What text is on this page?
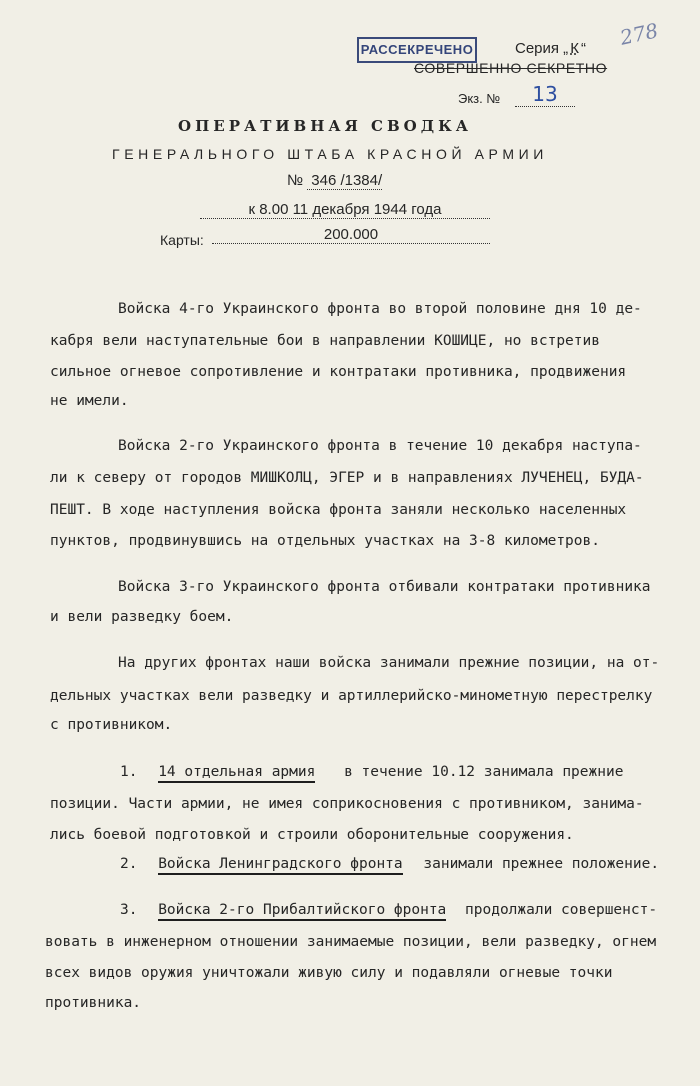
РАССЕКРЕЧЕНО	Серия „ К “ 278
СОВЕРШЕННО СЕКРЕТНО
Экз. №	13
ОПЕРАТИВНАЯ СВОДКА
ГЕНЕРАЛЬНОГО ШТАБА КРАСНОЙ АРМИИ
№ 346 /1384/
к 8.00 11 декабря 1944 года
Карты:	200.000
Войска 4-го Украинского фронта во второй половине дня 10 де-
кабря вели наступательные бои в направлении КОШИЦЕ, но встретив
сильное огневое сопротивление и контратаки противника, продвижения
не имели.
Войска 2-го Украинского фронта в течение 10 декабря наступа-
ли к северу от городов МИШКОЛЦ, ЭГЕР и в направлениях ЛУЧЕНЕЦ, БУДА-
ПЕШТ. В ходе наступления войска фронта заняли несколько населенных
пунктов, продвинувшись на отдельных участках на 3-8 километров.
Войска 3-го Украинского фронта отбивали контратаки противника
и вели разведку боем.
На других фронтах наши войска занимали прежние позиции, на от-
дельных участках вели разведку и артиллерийско-минометную перестрелку
с противником.
1. 14 отдельная армия в течение 10.12 занимала прежние
позиции. Части армии, не имея соприкосновения с противником, занима-
лись боевой подготовкой и строили оборонительные сооружения.
2. Войска Ленинградского фронта занимали прежнее положение.
3. Войска 2-го Прибалтийского фронта продолжали совершенст-
вовать в инженерном отношении занимаемые позиции, вели разведку, огнем
всех видов оружия уничтожали живую силу и подавляли огневые точки
противника.
